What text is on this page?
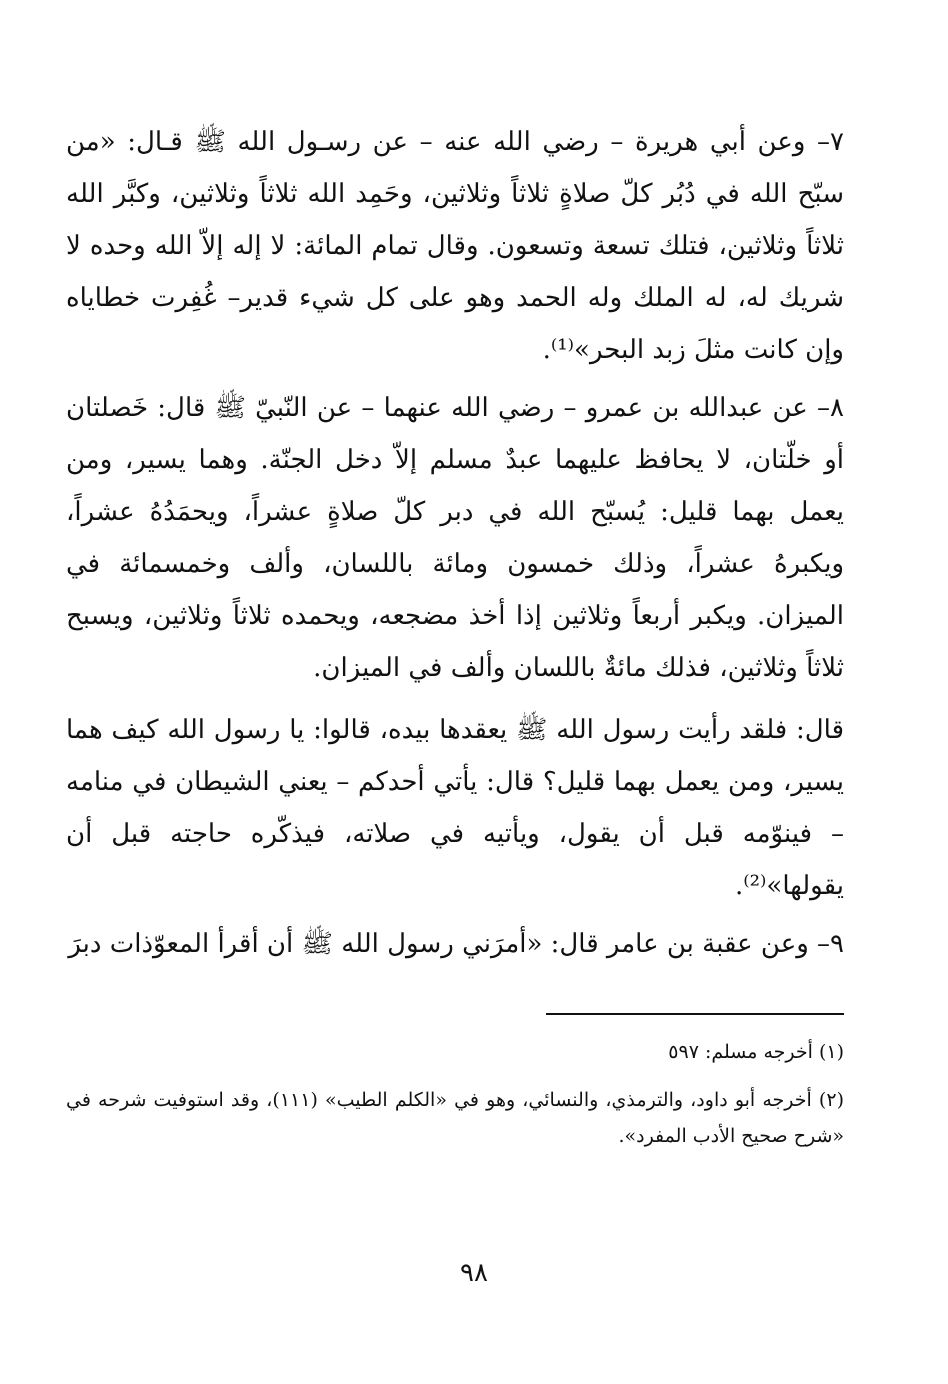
٧– وعن أبي هريرة – رضي الله عنه – عن رسـول الله ﷺ قـال: «من سبّح الله في دُبُر كلّ صلاةٍ ثلاثاً وثلاثين، وحَمِد الله ثلاثاً وثلاثين، وكبَّر الله ثلاثاً وثلاثين، فتلك تسعة وتسعون. وقال تمام المائة: لا إله إلاّ الله وحده لا شريك له، له الملك وله الحمد وهو على كل شيء قدير– غُفِرت خطاياه وإن كانت مثلَ زبد البحر»⁽¹⁾.

٨– عن عبدالله بن عمرو – رضي الله عنهما – عن النّبيّ ﷺ قال: خَصلتان أو خلّتان، لا يحافظ عليهما عبدٌ مسلم إلاّ دخل الجنّة. وهما يسير، ومن يعمل بهما قليل: يُسبّح الله في دبر كلّ صلاةٍ عشراً، ويحمَدُهُ عشراً، ويكبرهُ عشراً، وذلك خمسون ومائة باللسان، وألف وخمسمائة في الميزان. ويكبر أربعاً وثلاثين إذا أخذ مضجعه، ويحمده ثلاثاً وثلاثين، ويسبح ثلاثاً وثلاثين، فذلك مائةٌ باللسان وألف في الميزان.

قال: فلقد رأيت رسول الله ﷺ يعقدها بيده، قالوا: يا رسول الله كيف هما يسير، ومن يعمل بهما قليل؟ قال: يأتي أحدكم – يعني الشيطان في منامه – فينوّمه قبل أن يقول، ويأتيه في صلاته، فيذكّره حاجته قبل أن يقولها»⁽²⁾.

٩– وعن عقبة بن عامر قال: «أمرَني رسول الله ﷺ أن أقرأ المعوّذات دبرَ

(١) أخرجه مسلم: ٥٩٧

(٢) أخرجه أبو داود، والترمذي، والنسائي، وهو في «الكلم الطيب» (١١١)، وقد استوفيت شرحه في «شرح صحيح الأدب المفرد».

٩٨
